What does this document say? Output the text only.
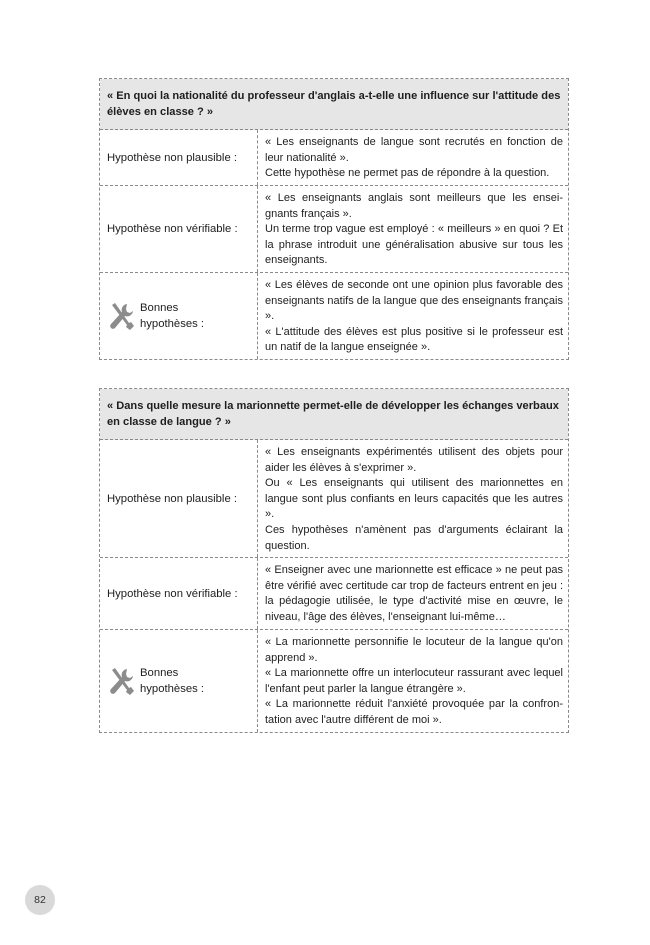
« En quoi la nationalité du professeur d'anglais a-t-elle une influence sur l'attitude des élèves en classe ? »
Hypothèse non plausible :

« Les enseignants de langue sont recrutés en fonction de leur nationalité ».

Cette hypothèse ne permet pas de répondre à la question.

Hypothèse non vérifiable :

« Les enseignants anglais sont meilleurs que les ensei-gnants français ».

Un terme trop vague est employé : « meilleurs » en quoi ? Et la phrase introduit une généralisation abusive sur tous les enseignants.

Bonnes
hypothèses :

« Les élèves de seconde ont une opinion plus favorable des enseignants natifs de la langue que des enseignants français ».

« L'attitude des élèves est plus positive si le professeur est un natif de la langue enseignée ».

« Dans quelle mesure la marionnette permet-elle de développer les échanges verbaux en classe de langue ? »
Hypothèse non plausible :

« Les enseignants expérimentés utilisent des objets pour aider les élèves à s'exprimer ».

Ou « Les enseignants qui utilisent des marionnettes en langue sont plus confiants en leurs capacités que les autres ».

Ces hypothèses n'amènent pas d'arguments éclairant la question.

Hypothèse non vérifiable :

« Enseigner avec une marionnette est efficace » ne peut pas être vérifié avec certitude car trop de facteurs entrent en jeu : la pédagogie utilisée, le type d'activité mise en œuvre, le niveau, l'âge des élèves, l'enseignant lui-même…

Bonnes
hypothèses :

« La marionnette personnifie le locuteur de la langue qu'on apprend ».

« La marionnette offre un interlocuteur rassurant avec lequel l'enfant peut parler la langue étrangère ».

« La marionnette réduit l'anxiété provoquée par la confron-tation avec l'autre différent de moi ».

82
